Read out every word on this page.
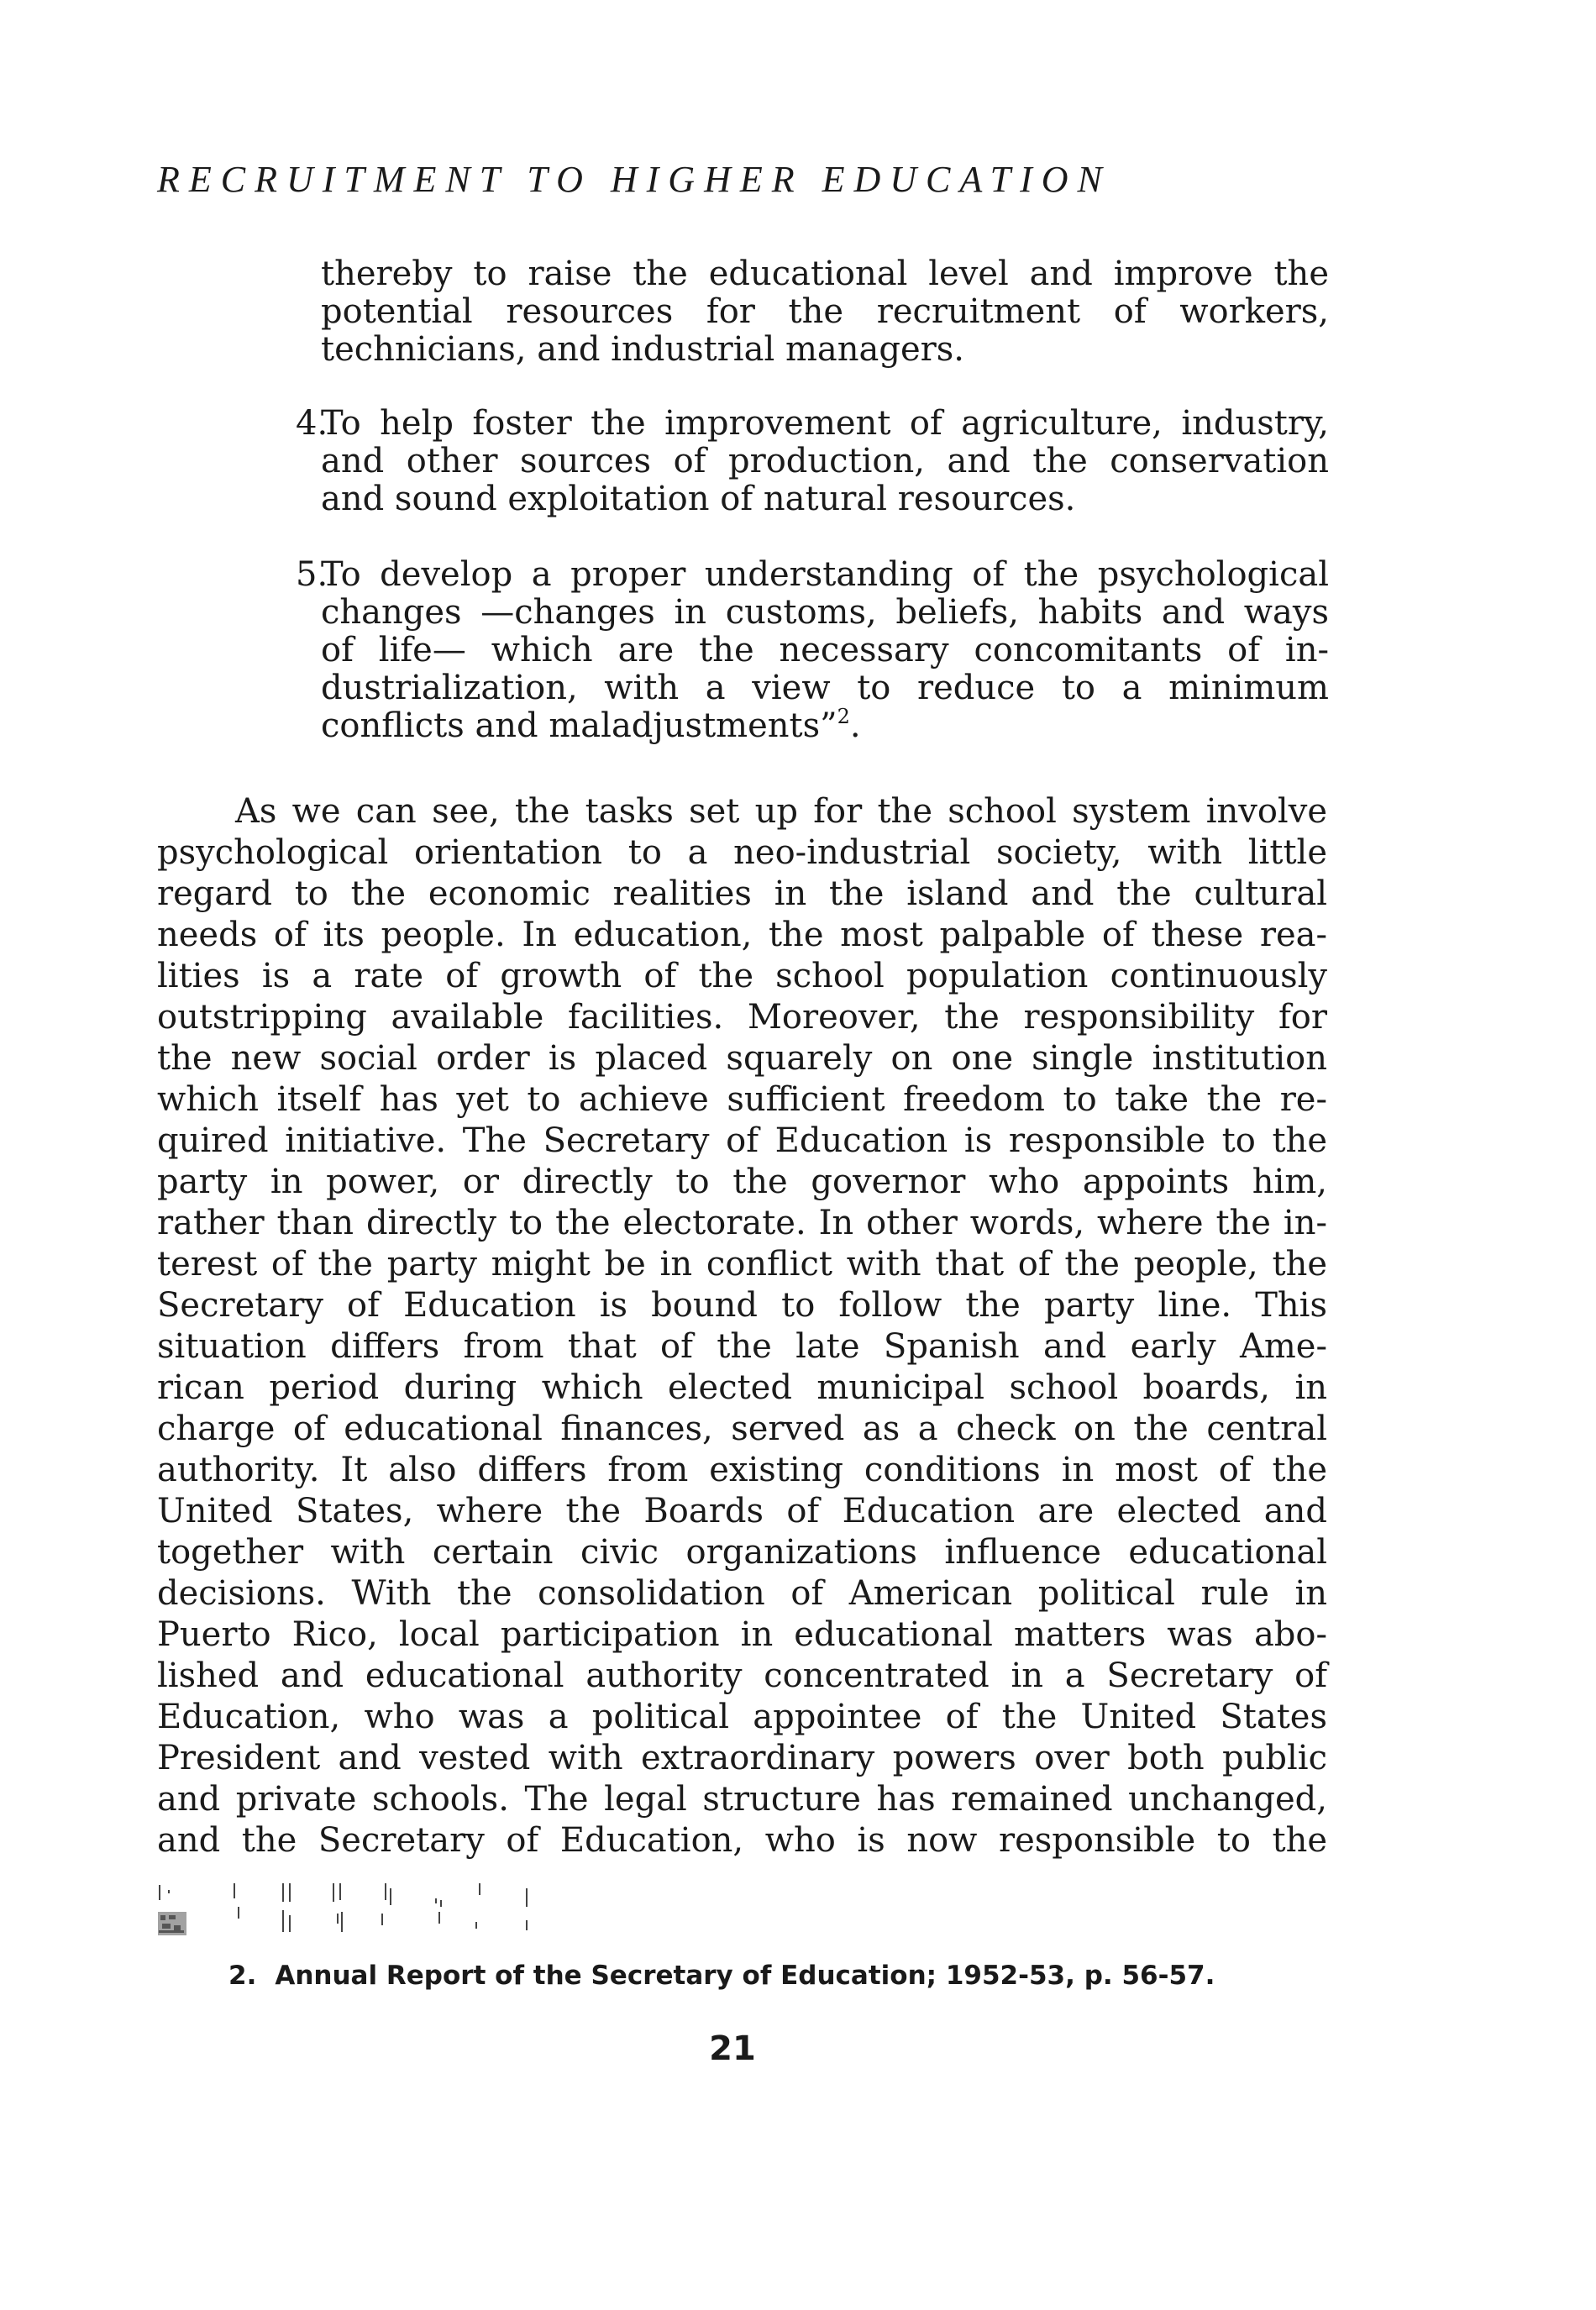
RECRUITMENT TO HIGHER EDUCATION
thereby to raise the educational level and improve the
potential resources for the recruitment of workers,
technicians, and industrial managers.
4.
To help foster the improvement of agriculture, industry,
and other sources of production, and the conservation
and sound exploitation of natural resources.
5.
To develop a proper understanding of the psychological
changes —changes in customs, beliefs, habits and ways
of life— which are the necessary concomitants of in-
dustrialization, with a view to reduce to a minimum
conflicts and maladjustments”$^2$.
As we can see, the tasks set up for the school system involve
psychological orientation to a neo-industrial society, with little
regard to the economic realities in the island and the cultural
needs of its people. In education, the most palpable of these rea-
lities is a rate of growth of the school population continuously
outstripping available facilities. Moreover, the responsibility for
the new social order is placed squarely on one single institution
which itself has yet to achieve sufficient freedom to take the re-
quired initiative. The Secretary of Education is responsible to the
party in power, or directly to the governor who appoints him,
rather than directly to the electorate. In other words, where the in-
terest of the party might be in conflict with that of the people, the
Secretary of Education is bound to follow the party line. This
situation differs from that of the late Spanish and early Ame-
rican period during which elected municipal school boards, in
charge of educational finances, served as a check on the central
authority. It also differs from existing conditions in most of the
United States, where the Boards of Education are elected and
together with certain civic organizations influence educational
decisions. With the consolidation of American political rule in
Puerto Rico, local participation in educational matters was abo-
lished and educational authority concentrated in a Secretary of
Education, who was a political appointee of the United States
President and vested with extraordinary powers over both public
and private schools. The legal structure has remained unchanged,
and the Secretary of Education, who is now responsible to the
2. Annual Report of the Secretary of Education; 1952-53, p. 56-57.
21
